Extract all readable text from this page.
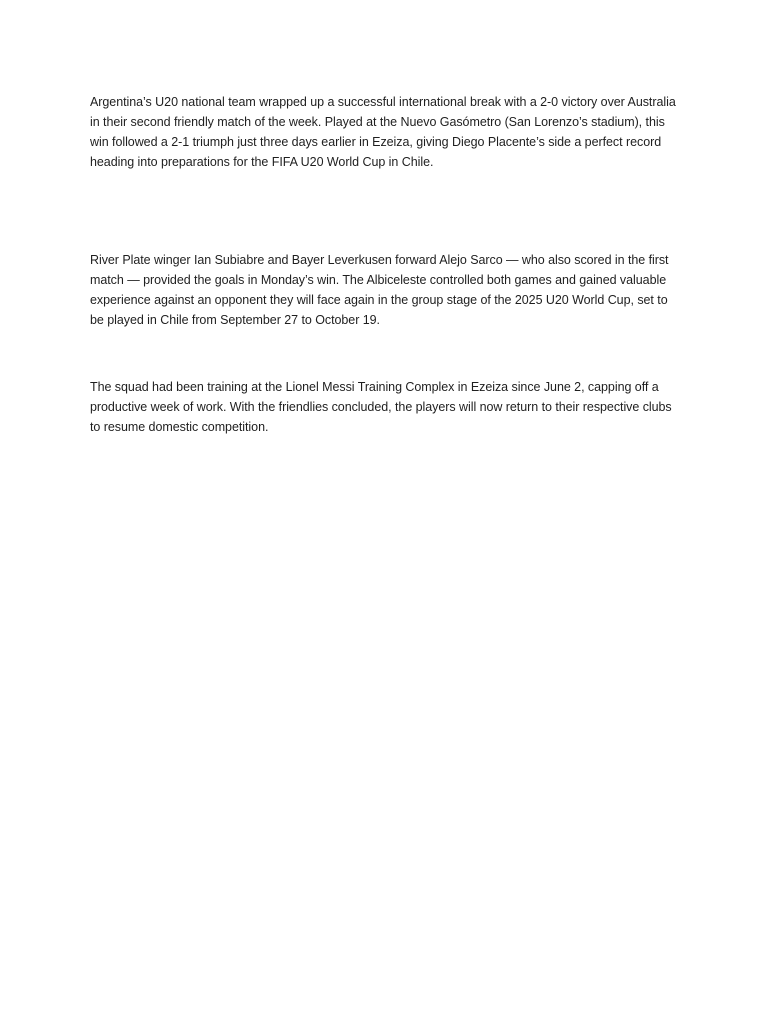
Argentina’s U20 national team wrapped up a successful international break with a 2-0 victory over Australia in their second friendly match of the week. Played at the Nuevo Gasómetro (San Lorenzo’s stadium), this win followed a 2-1 triumph just three days earlier in Ezeiza, giving Diego Placente’s side a perfect record heading into preparations for the FIFA U20 World Cup in Chile.

River Plate winger Ian Subiabre and Bayer Leverkusen forward Alejo Sarco — who also scored in the first match — provided the goals in Monday’s win. The Albiceleste controlled both games and gained valuable experience against an opponent they will face again in the group stage of the 2025 U20 World Cup, set to be played in Chile from September 27 to October 19.

The squad had been training at the Lionel Messi Training Complex in Ezeiza since June 2, capping off a productive week of work. With the friendlies concluded, the players will now return to their respective clubs to resume domestic competition.
